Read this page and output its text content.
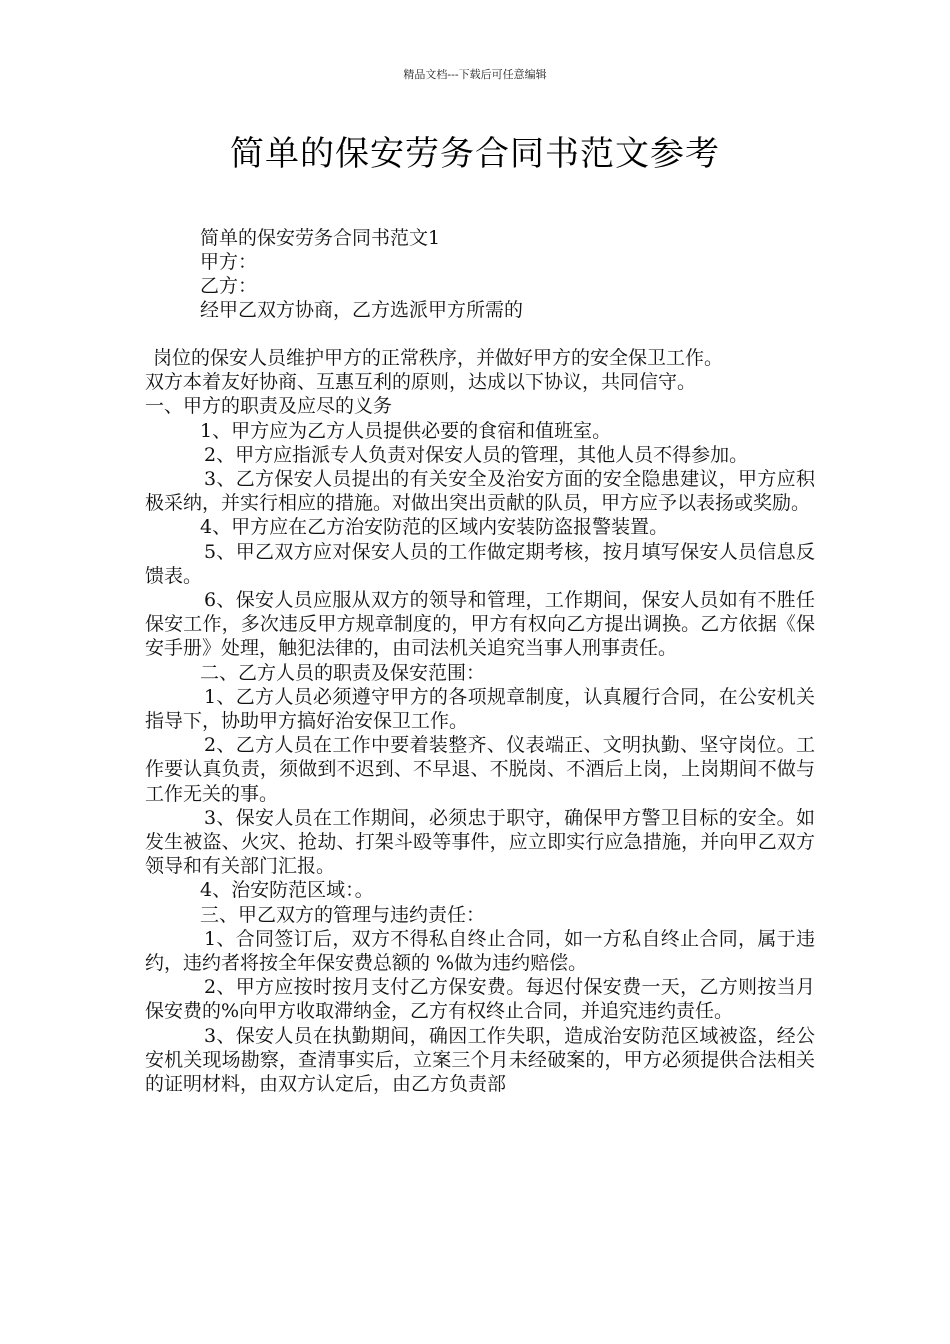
精品文档---下载后可任意编辑
简单的保安劳务合同书范文参考
简单的保安劳务合同书范文1
甲方：
乙方：
经甲乙双方协商，乙方选派甲方所需的

岗位的保安人员维护甲方的正常秩序，并做好甲方的安全保卫工作。

双方本着友好协商、互惠互利的原则，达成以下协议，共同信守。

一、甲方的职责及应尽的义务

1、甲方应为乙方人员提供必要的食宿和值班室。

2、甲方应指派专人负责对保安人员的管理，其他人员不得参加。

3、乙方保安人员提出的有关安全及治安方面的安全隐患建议，甲方应积极采纳，并实行相应的措施。对做出突出贡献的队员，甲方应予以表扬或奖励。

4、甲方应在乙方治安防范的区域内安装防盗报警装置。

5、甲乙双方应对保安人员的工作做定期考核，按月填写保安人员信息反馈表。

6、保安人员应服从双方的领导和管理，工作期间，保安人员如有不胜任保安工作，多次违反甲方规章制度的，甲方有权向乙方提出调换。乙方依据《保安手册》处理，触犯法律的，由司法机关追究当事人刑事责任。

二、乙方人员的职责及保安范围：

1、乙方人员必须遵守甲方的各项规章制度，认真履行合同，在公安机关指导下，协助甲方搞好治安保卫工作。

2、乙方人员在工作中要着装整齐、仪表端正、文明执勤、坚守岗位。工作要认真负责，须做到不迟到、不早退、不脱岗、不酒后上岗，上岗期间不做与工作无关的事。

3、保安人员在工作期间，必须忠于职守，确保甲方警卫目标的安全。如发生被盗、火灾、抢劫、打架斗殴等事件，应立即实行应急措施，并向甲乙双方领导和有关部门汇报。

4、治安防范区域：。

三、甲乙双方的管理与违约责任：

1、合同签订后，双方不得私自终止合同，如一方私自终止合同，属于违约，违约者将按全年保安费总额的 %做为违约赔偿。

2、甲方应按时按月支付乙方保安费。每迟付保安费一天，乙方则按当月保安费的%向甲方收取滞纳金，乙方有权终止合同，并追究违约责任。

3、保安人员在执勤期间，确因工作失职，造成治安防范区域被盗，经公安机关现场勘察，查清事实后，立案三个月未经破案的，甲方必须提供合法相关的证明材料，由双方认定后，由乙方负责部
